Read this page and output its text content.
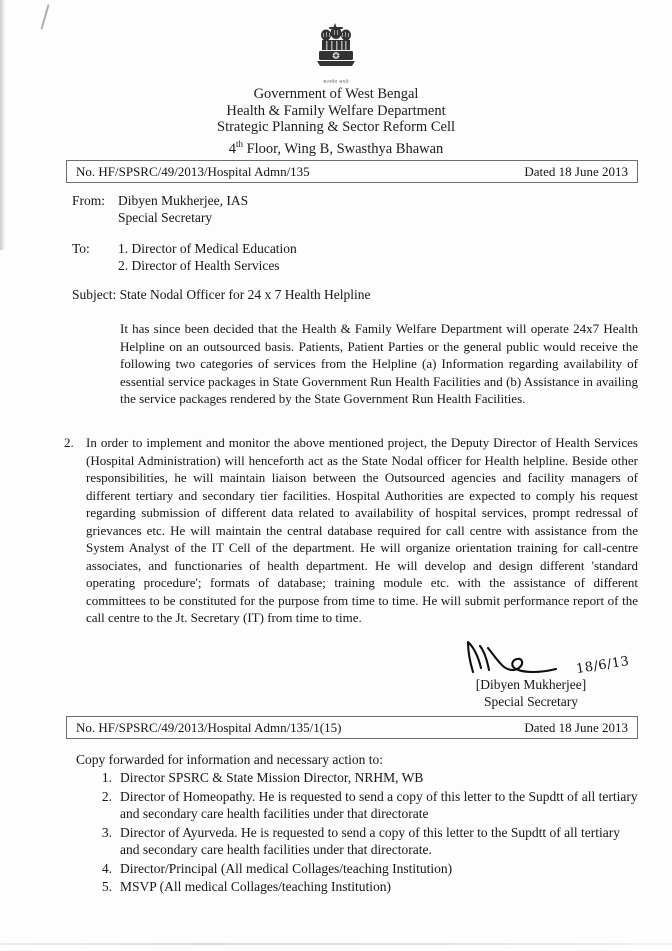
सत्यमेव जयते
Government of West Bengal
Health & Family Welfare Department
Strategic Planning & Sector Reform Cell
4th Floor, Wing B, Swasthya Bhawan
No. HF/SPSRC/49/2013/Hospital Admn/135	Dated 18 June 2013
From: Dibyen Mukherjee, IAS
Special Secretary
To:	1. Director of Medical Education
2. Director of Health Services
Subject: State Nodal Officer for 24 x 7 Health Helpline
It has since been decided that the Health & Family Welfare Department will operate 24x7 Health Helpline on an outsourced basis. Patients, Patient Parties or the general public would receive the following two categories of services from the Helpline (a) Information regarding availability of essential service packages in State Government Run Health Facilities and (b) Assistance in availing the service packages rendered by the State Government Run Health Facilities.
2. In order to implement and monitor the above mentioned project, the Deputy Director of Health Services (Hospital Administration) will henceforth act as the State Nodal officer for Health helpline. Beside other responsibilities, he will maintain liaison between the Outsourced agencies and facility managers of different tertiary and secondary tier facilities. Hospital Authorities are expected to comply his request regarding submission of different data related to availability of hospital services, prompt redressal of grievances etc. He will maintain the central database required for call centre with assistance from the System Analyst of the IT Cell of the department. He will organize orientation training for call-centre associates, and functionaries of health department. He will develop and design different 'standard operating procedure'; formats of database; training module etc. with the assistance of different committees to be constituted for the purpose from time to time. He will submit performance report of the call centre to the Jt. Secretary (IT) from time to time.
18/6/13
[Dibyen Mukherjee]
Special Secretary
No. HF/SPSRC/49/2013/Hospital Admn/135/1(15)	Dated 18 June 2013
Copy forwarded for information and necessary action to:
1. Director SPSRC & State Mission Director, NRHM, WB
2. Director of Homeopathy. He is requested to send a copy of this letter to the Supdtt of all tertiary and secondary care health facilities under that directorate
3. Director of Ayurveda. He is requested to send a copy of this letter to the Supdtt of all tertiary and secondary care health facilities under that directorate.
4. Director/Principal (All medical Collages/teaching Institution)
5. MSVP (All medical Collages/teaching Institution)
